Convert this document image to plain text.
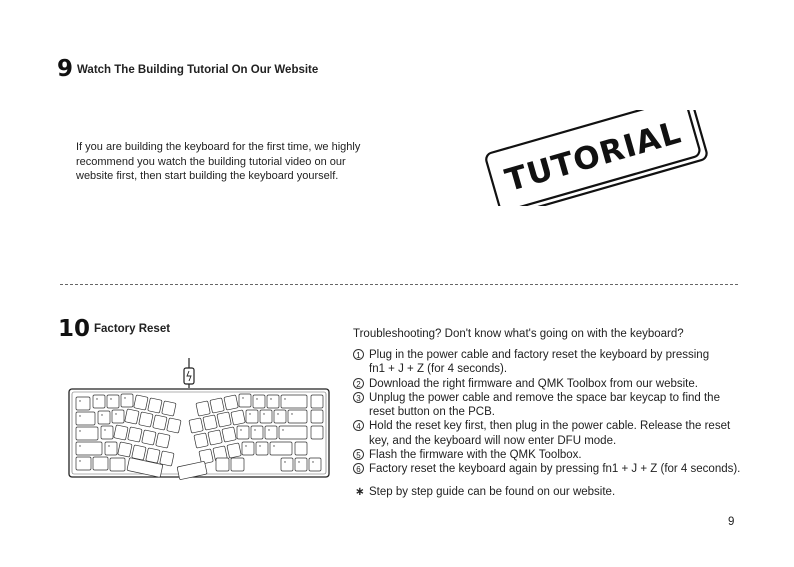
9 Watch The Building Tutorial On Our Website
If you are building the keyboard for the first time, we highly
recommend you watch the building tutorial video on our
website first, then start building the keyboard yourself.	TUTORIAL
10 Factory Reset	Troubleshooting? Don't know what's going on with the keyboard?
1 Plug in the power cable and factory reset the keyboard by pressing
fn1 + J + Z (for 4 seconds).
2 Download the right firmware and QMK Toolbox from our website.
3 Unplug the power cable and remove the space bar keycap to find the
reset button on the PCB.
4 Hold the reset key first, then plug in the power cable. Release the reset
key, and the keyboard will now enter DFU mode.
5 Flash the firmware with the QMK Toolbox.
6 Factory reset the keyboard again by pressing fn1 + J + Z (for 4 seconds).
∗ Step by step guide can be found on our website.
9
